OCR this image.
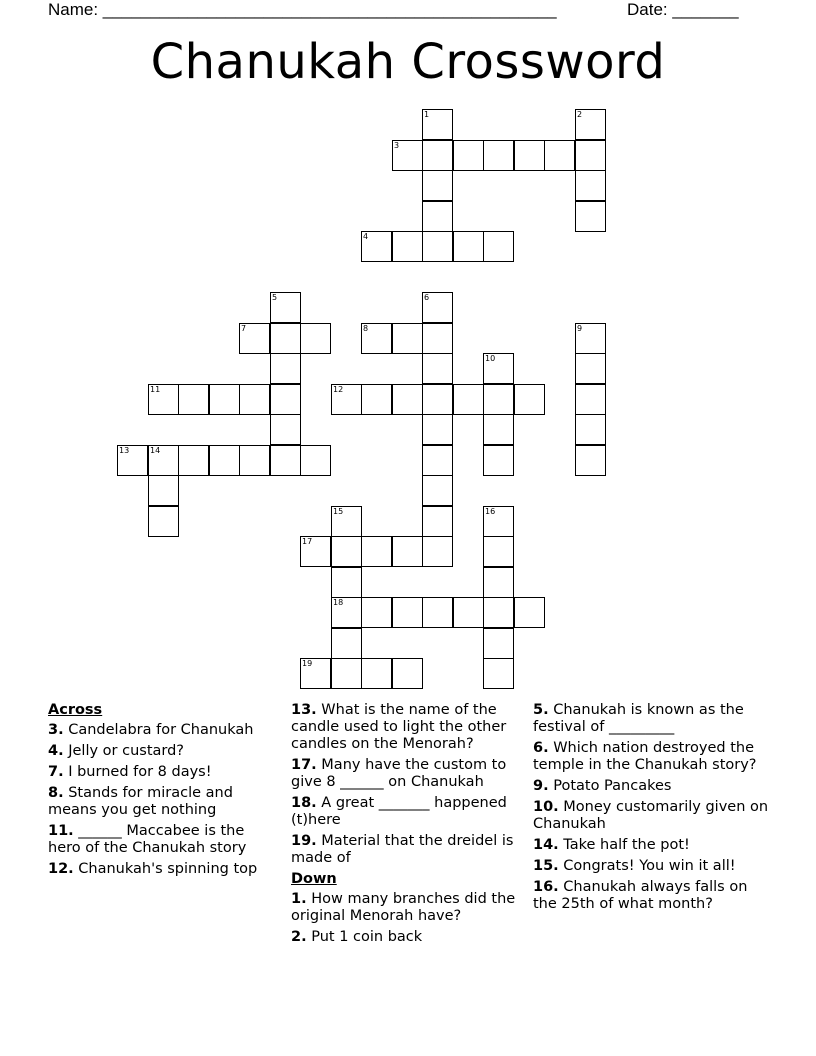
Name: ________________________________________________	Date: _______
Chanukah Crossword
1	2
3
4
5	6
7	8	9
10
11	12
13	14
15
18
16
17
19
Across
3. Candelabra for Chanukah
4. Jelly or custard?
7. I burned for 8 days!
8. Stands for miracle and means you get nothing
11. ______ Maccabee is the hero of the Chanukah story
12. Chanukah's spinning top
13. What is the name of the candle used to light the other candles on the Menorah?
17. Many have the custom to give 8 ______ on Chanukah
18. A great _______ happened (t)here
19. Material that the dreidel is made of
Down
1. How many branches did the original Menorah have?
2. Put 1 coin back
5. Chanukah is known as the festival of _________
6. Which nation destroyed the temple in the Chanukah story?
9. Potato Pancakes
10. Money customarily given on Chanukah
14. Take half the pot!
15. Congrats! You win it all!
16. Chanukah always falls on the 25th of what month?
